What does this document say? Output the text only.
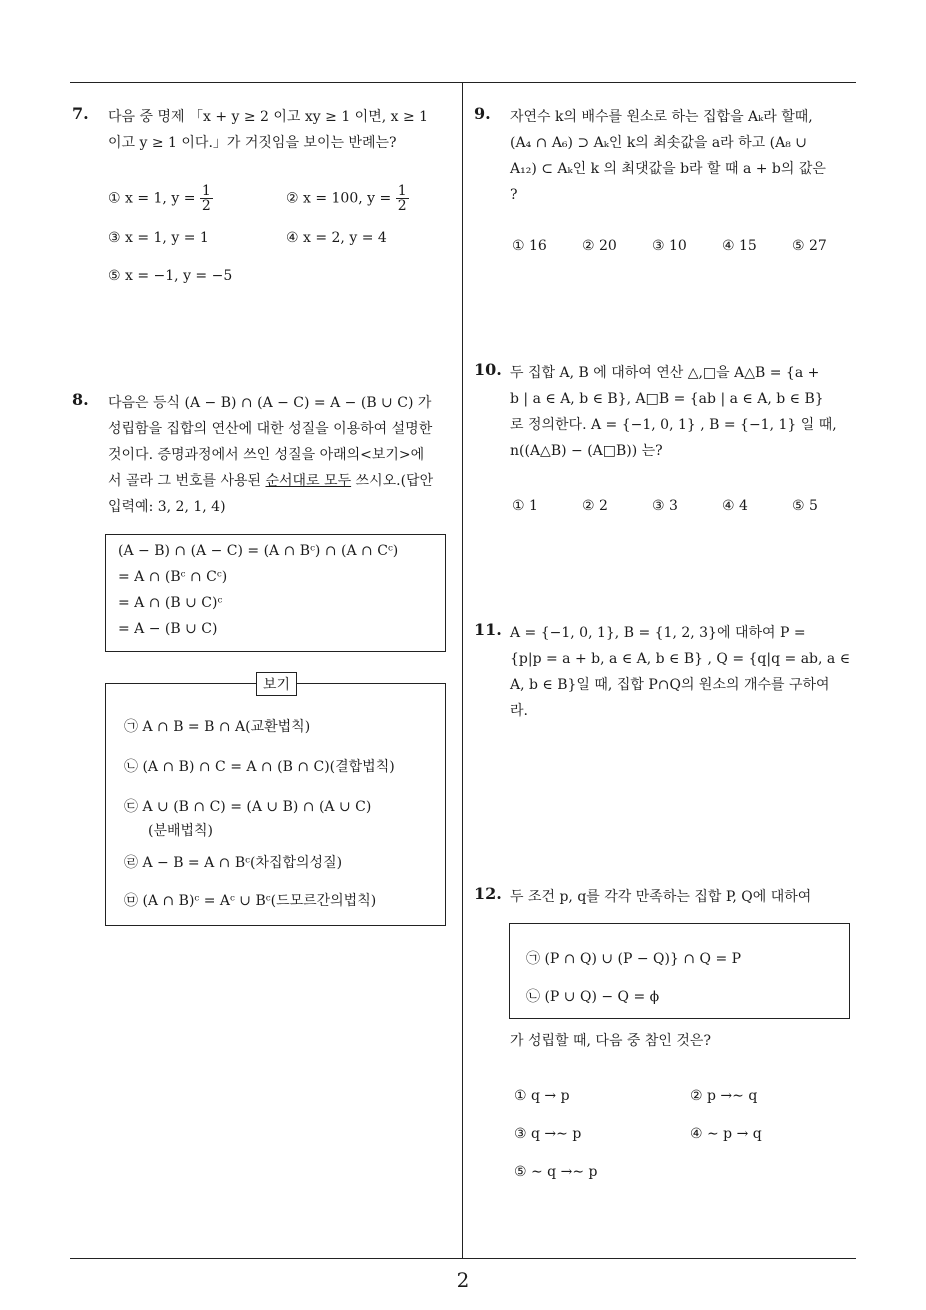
7. 다음 중 명제 「x + y ≥ 2 이고 xy ≥ 1 이면, x ≥ 1
이고 y ≥ 1 이다.」가 거짓임을 보이는 반례는?
① x = 1, $y = \frac{1}{2}$	② x = 100, $y = \frac{1}{2}$
③ x = 1, y = 1	④ x = 2, y = 4
⑤ x = −1, y = −5
8. 다음은 등식 (A − B) ∩ (A − C) = A − (B ∪ C) 가
성립함을 집합의 연산에 대한 성질을 이용하여 설명한
것이다. 증명과정에서 쓰인 성질을 아래의<보기>에
서 골라 그 번호를 사용된 순서대로 모두 쓰시오.(답안
입력예: 3, 2, 1, 4)
(A − B) ∩ (A − C) = (A ∩ Bᶜ) ∩ (A ∩ Cᶜ)
= A ∩ (Bᶜ ∩ Cᶜ)
= A ∩ (B ∪ C)ᶜ
= A − (B ∪ C)
㉠ A ∩ B = B ∩ A(교환법칙)
㉡ (A ∩ B) ∩ C = A ∩ (B ∩ C)(결합법칙)
㉢ A ∪ (B ∩ C) = (A ∪ B) ∩ (A ∪ C)
(분배법칙)
㉣ A − B = A ∩ Bᶜ(차집합의성질)
㉤ (A ∩ B)ᶜ = Aᶜ ∪ Bᶜ(드모르간의법칙)
보기
9. 자연수 k의 배수를 원소로 하는 집합을 Aₖ라 할때,
(A₄ ∩ A₆) ⊃ Aₖ인 k의 최솟값을 a라 하고 (A₈ ∪
A₁₂) ⊂ Aₖ인 k 의 최댓값을 b라 할 때 a + b의 값은
?
① 16	② 20	③ 10	④ 15	⑤ 27
10. 두 집합 A, B 에 대하여 연산 △,□을 A△B = {a +
b | a ∈ A, b ∈ B}, A□B = {ab | a ∈ A, b ∈ B}
로 정의한다. A = {−1, 0, 1} , B = {−1, 1} 일 때,
n((A△B) − (A□B)) 는?
① 1	② 2	③ 3	④ 4	⑤ 5
11. A = {−1, 0, 1}, B = {1, 2, 3}에 대하여 P =
{p|p = a + b, a ∈ A, b ∈ B} , Q = {q|q = ab, a ∈
A, b ∈ B}일 때, 집합 P∩Q의 원소의 개수를 구하여
라.
12. 두 조건 p, q를 각각 만족하는 집합 P, Q에 대하여
㉠ (P ∩ Q) ∪ (P − Q)} ∩ Q = P
㉡ (P ∪ Q) − Q = ϕ
가 성립할 때, 다음 중 참인 것은?
① q → p	② p →∼ q
③ q →∼ p	④ ∼ p → q
⑤ ∼ q →∼ p
2
